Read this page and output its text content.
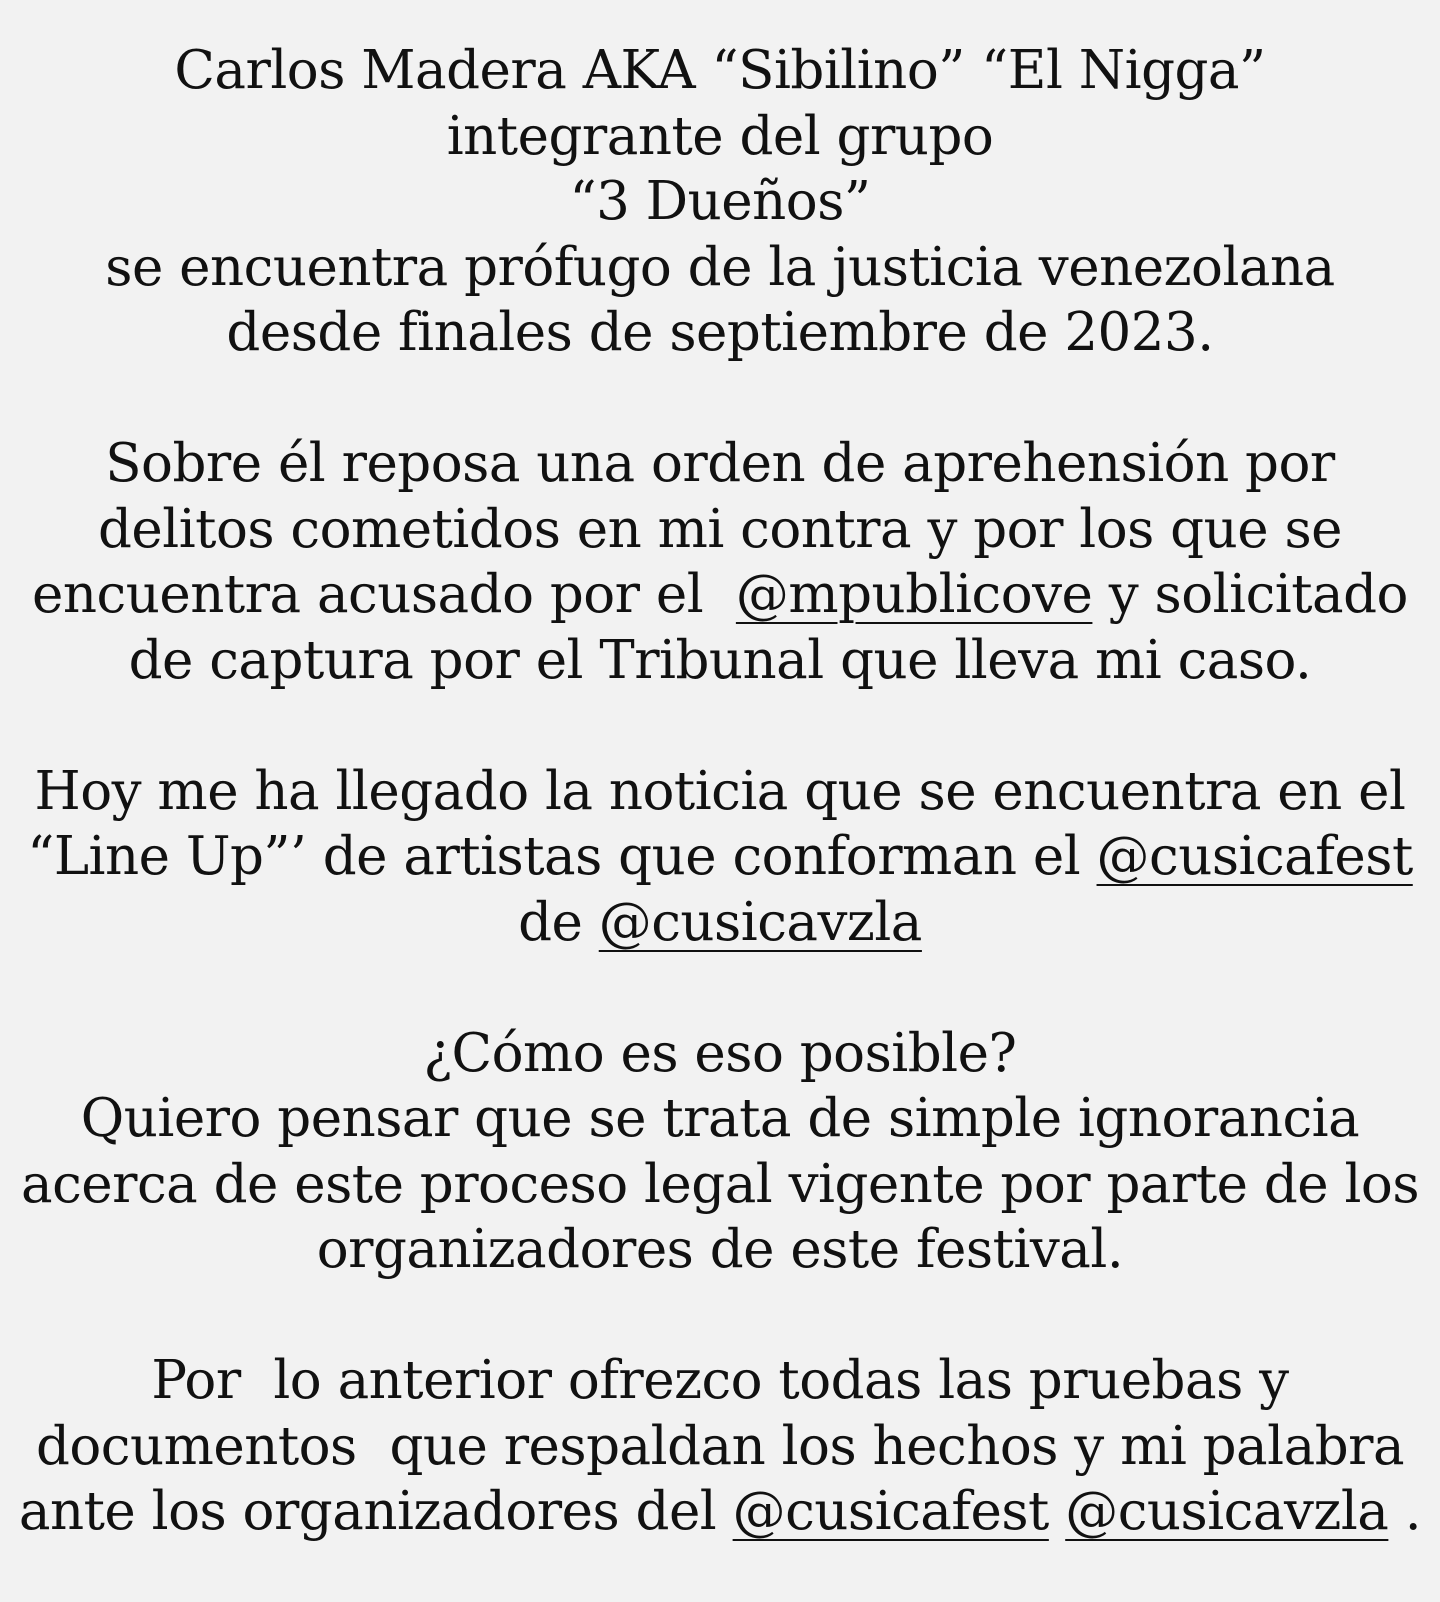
Carlos Madera AKA “Sibilino” “El Nigga”
integrante del grupo
“3 Dueños”
se encuentra prófugo de la justicia venezolana
desde finales de septiembre de 2023.

Sobre él reposa una orden de aprehensión por
delitos cometidos en mi contra y por los que se
encuentra acusado por el  @mpublicove y solicitado
de captura por el Tribunal que lleva mi caso.

Hoy me ha llegado la noticia que se encuentra en el
“Line Up”’ de artistas que conforman el @cusicafest
de @cusicavzla

¿Cómo es eso posible?
Quiero pensar que se trata de simple ignorancia
acerca de este proceso legal vigente por parte de los
organizadores de este festival.

Por  lo anterior ofrezco todas las pruebas y
documentos  que respaldan los hechos y mi palabra
ante los organizadores del @cusicafest @cusicavzla .
